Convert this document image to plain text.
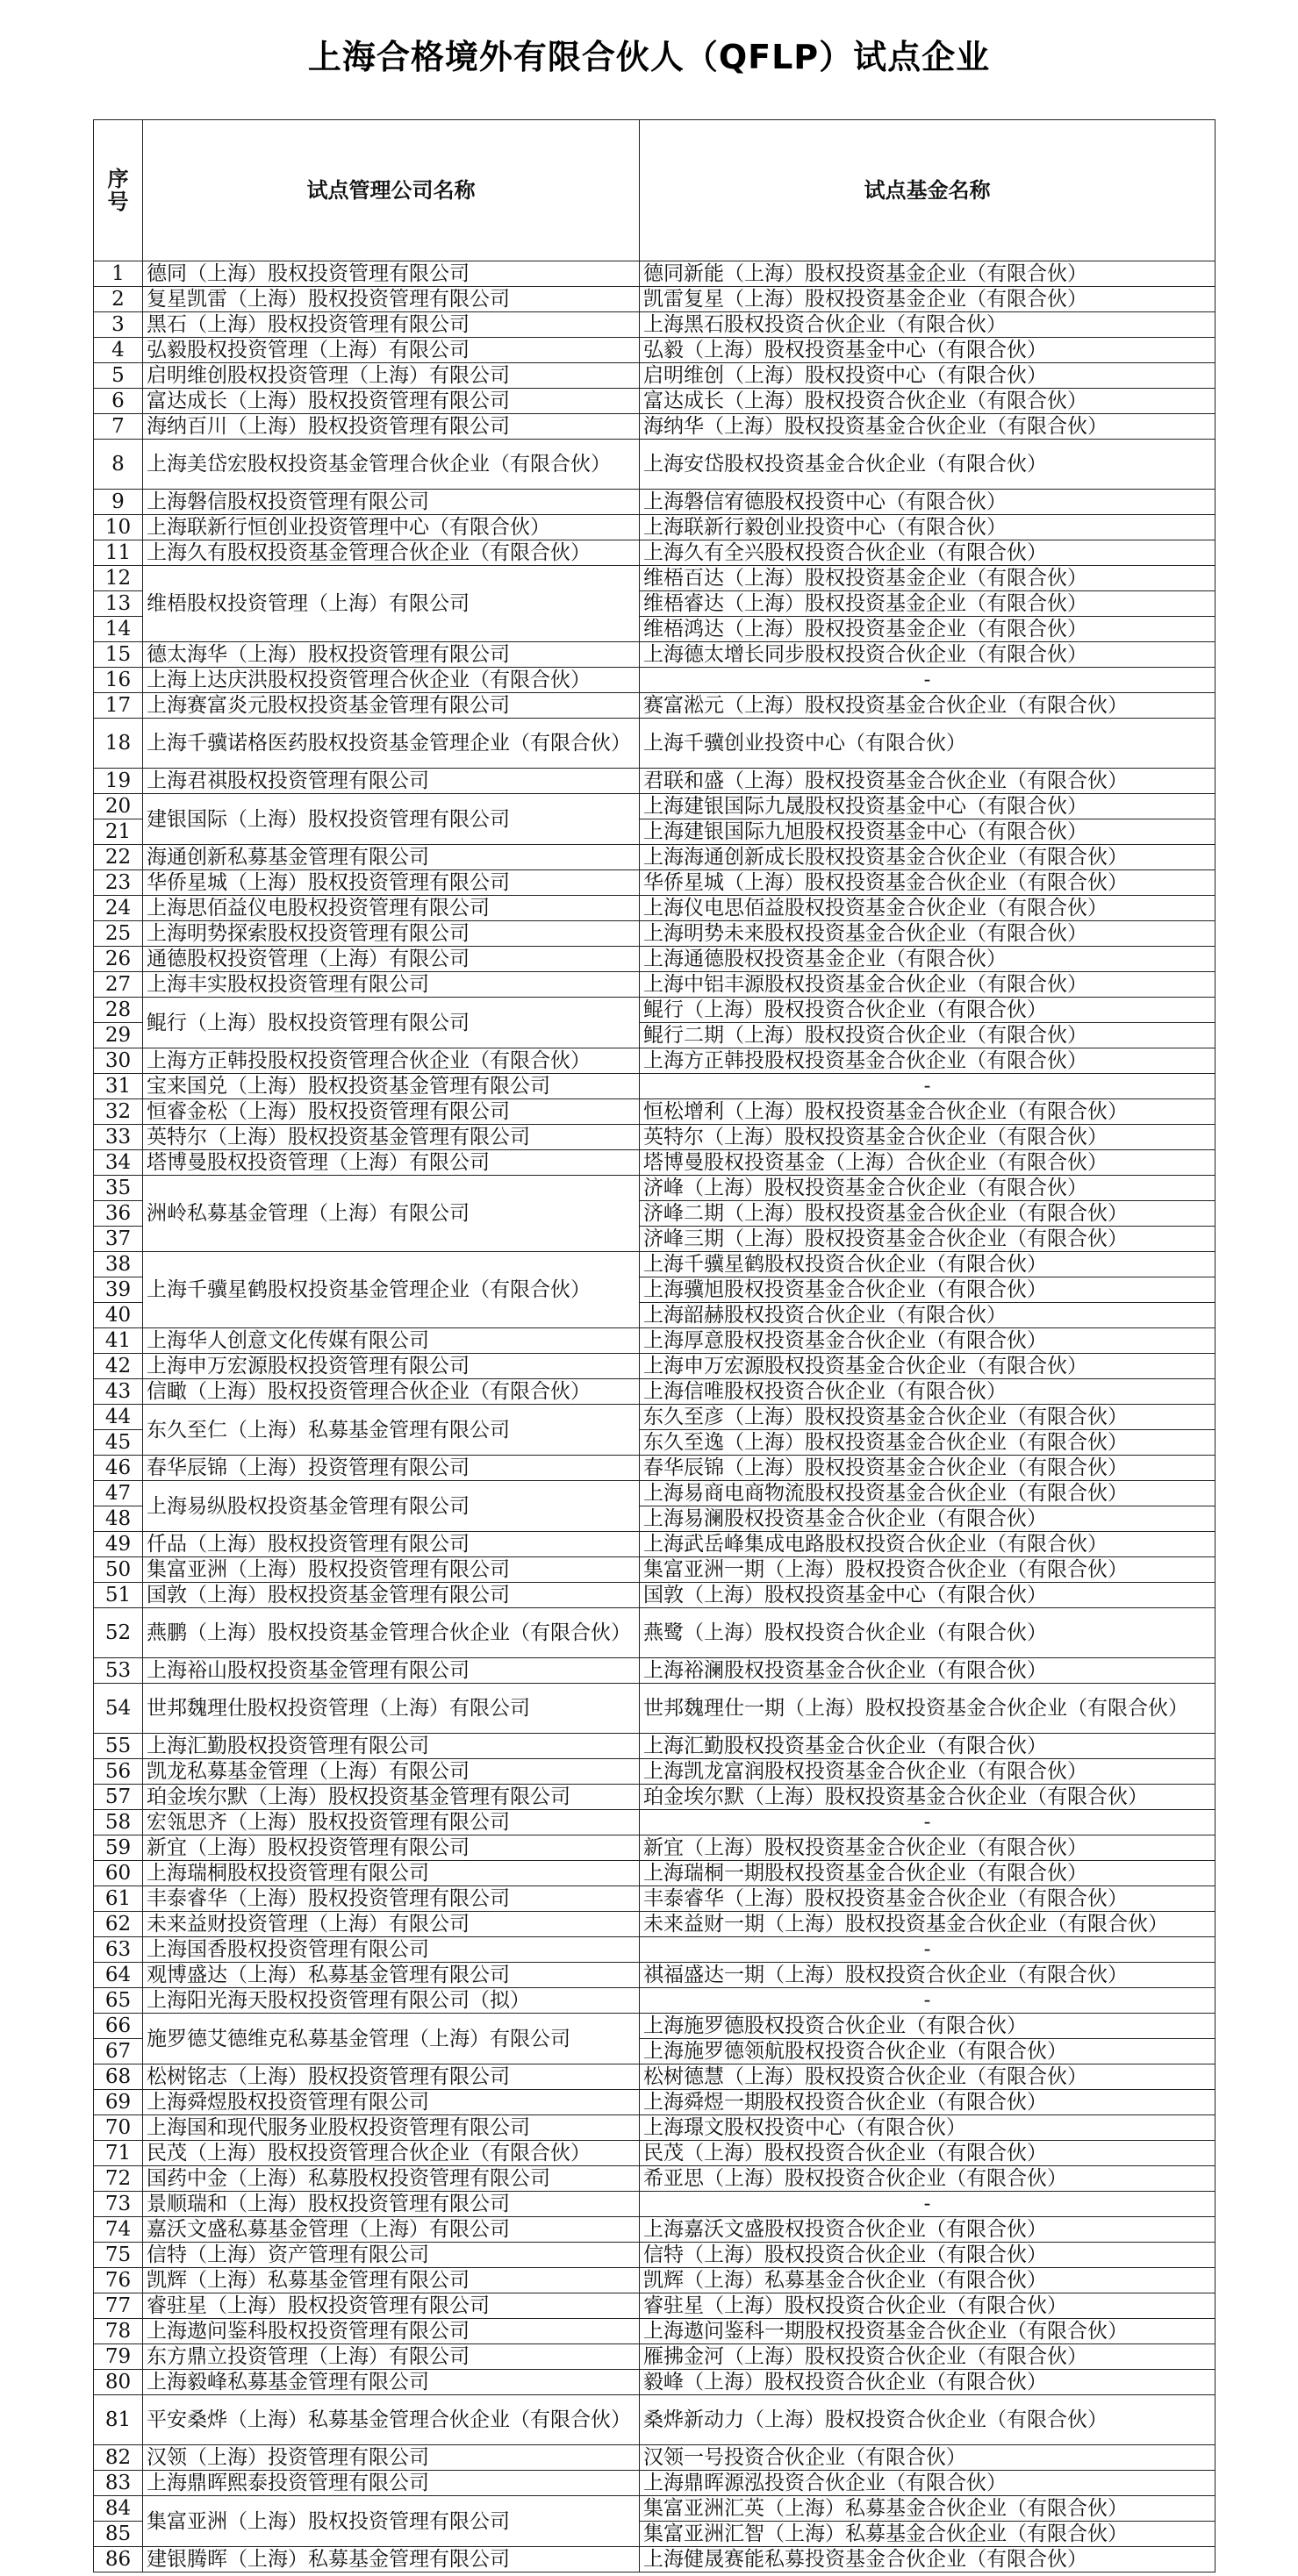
上海合格境外有限合伙人（QFLP）试点企业
序号	试点管理公司名称	试点基金名称
1	德同（上海）股权投资管理有限公司	德同新能（上海）股权投资基金企业（有限合伙）
2	复星凯雷（上海）股权投资管理有限公司	凯雷复星（上海）股权投资基金企业（有限合伙）
3	黑石（上海）股权投资管理有限公司	上海黑石股权投资合伙企业（有限合伙）
4	弘毅股权投资管理（上海）有限公司	弘毅（上海）股权投资基金中心（有限合伙）
5	启明维创股权投资管理（上海）有限公司	启明维创（上海）股权投资中心（有限合伙）
6	富达成长（上海）股权投资管理有限公司	富达成长（上海）股权投资合伙企业（有限合伙）
7	海纳百川（上海）股权投资管理有限公司	海纳华（上海）股权投资基金合伙企业（有限合伙）
8	上海美岱宏股权投资基金管理合伙企业（有限合伙）	上海安岱股权投资基金合伙企业（有限合伙）
9	上海磐信股权投资管理有限公司	上海磐信宥德股权投资中心（有限合伙）
10	上海联新行恒创业投资管理中心（有限合伙）	上海联新行毅创业投资中心（有限合伙）
11	上海久有股权投资基金管理合伙企业（有限合伙）	上海久有全兴股权投资合伙企业（有限合伙）
12	维梧股权投资管理（上海）有限公司	维梧百达（上海）股权投资基金企业（有限合伙）
13		维梧睿达（上海）股权投资基金企业（有限合伙）
14		维梧鸿达（上海）股权投资基金企业（有限合伙）
15	德太海华（上海）股权投资管理有限公司	上海德太增长同步股权投资合伙企业（有限合伙）
16	上海上达庆洪股权投资管理合伙企业（有限合伙）	-
17	上海赛富炎元股权投资基金管理有限公司	赛富淞元（上海）股权投资基金合伙企业（有限合伙）
18	上海千骥诺格医药股权投资基金管理企业（有限合伙）	上海千骥创业投资中心（有限合伙）
19	上海君祺股权投资管理有限公司	君联和盛（上海）股权投资基金合伙企业（有限合伙）
20	建银国际（上海）股权投资管理有限公司	上海建银国际九晟股权投资基金中心（有限合伙）
21		上海建银国际九旭股权投资基金中心（有限合伙）
22	海通创新私募基金管理有限公司	上海海通创新成长股权投资基金合伙企业（有限合伙）
23	华侨星城（上海）股权投资管理有限公司	华侨星城（上海）股权投资基金合伙企业（有限合伙）
24	上海思佰益仪电股权投资管理有限公司	上海仪电思佰益股权投资基金合伙企业（有限合伙）
25	上海明势探索股权投资管理有限公司	上海明势未来股权投资基金合伙企业（有限合伙）
26	通德股权投资管理（上海）有限公司	上海通德股权投资基金企业（有限合伙）
27	上海丰实股权投资管理有限公司	上海中铝丰源股权投资基金合伙企业（有限合伙）
28	鲲行（上海）股权投资管理有限公司	鲲行（上海）股权投资合伙企业（有限合伙）
29		鲲行二期（上海）股权投资合伙企业（有限合伙）
30	上海方正韩投股权投资管理合伙企业（有限合伙）	上海方正韩投股权投资基金合伙企业（有限合伙）
31	宝来国兑（上海）股权投资基金管理有限公司	-
32	恒睿金松（上海）股权投资管理有限公司	恒松增利（上海）股权投资基金合伙企业（有限合伙）
33	英特尔（上海）股权投资基金管理有限公司	英特尔（上海）股权投资基金合伙企业（有限合伙）
34	塔博曼股权投资管理（上海）有限公司	塔博曼股权投资基金（上海）合伙企业（有限合伙）
35	洲岭私募基金管理（上海）有限公司	济峰（上海）股权投资基金合伙企业（有限合伙）
36		济峰二期（上海）股权投资基金合伙企业（有限合伙）
37		济峰三期（上海）股权投资基金合伙企业（有限合伙）
38	上海千骥星鹤股权投资基金管理企业（有限合伙）	上海千骥星鹤股权投资合伙企业（有限合伙）
39		上海骥旭股权投资基金合伙企业（有限合伙）
40		上海韶赫股权投资合伙企业（有限合伙）
41	上海华人创意文化传媒有限公司	上海厚意股权投资基金合伙企业（有限合伙）
42	上海申万宏源股权投资管理有限公司	上海申万宏源股权投资基金合伙企业（有限合伙）
43	信瞰（上海）股权投资管理合伙企业（有限合伙）	上海信唯股权投资合伙企业（有限合伙）
44	东久至仁（上海）私募基金管理有限公司	东久至彦（上海）股权投资基金合伙企业（有限合伙）
45		东久至逸（上海）股权投资基金合伙企业（有限合伙）
46	春华辰锦（上海）投资管理有限公司	春华辰锦（上海）股权投资基金合伙企业（有限合伙）
47	上海易纵股权投资基金管理有限公司	上海易商电商物流股权投资基金合伙企业（有限合伙）
48		上海易澜股权投资基金合伙企业（有限合伙）
49	仟品（上海）股权投资管理有限公司	上海武岳峰集成电路股权投资合伙企业（有限合伙）
50	集富亚洲（上海）股权投资管理有限公司	集富亚洲一期（上海）股权投资合伙企业（有限合伙）
51	国敦（上海）股权投资基金管理有限公司	国敦（上海）股权投资基金中心（有限合伙）
52	燕鹏（上海）股权投资基金管理合伙企业（有限合伙）	燕鹭（上海）股权投资合伙企业（有限合伙）
53	上海裕山股权投资基金管理有限公司	上海裕澜股权投资基金合伙企业（有限合伙）
54	世邦魏理仕股权投资管理（上海）有限公司	世邦魏理仕一期（上海）股权投资基金合伙企业（有限合伙）
55	上海汇勤股权投资管理有限公司	上海汇勤股权投资基金合伙企业（有限合伙）
56	凯龙私募基金管理（上海）有限公司	上海凯龙富润股权投资基金合伙企业（有限合伙）
57	珀金埃尔默（上海）股权投资基金管理有限公司	珀金埃尔默（上海）股权投资基金合伙企业（有限合伙）
58	宏瓴思齐（上海）股权投资管理有限公司	-
59	新宜（上海）股权投资管理有限公司	新宜（上海）股权投资基金合伙企业（有限合伙）
60	上海瑞桐股权投资管理有限公司	上海瑞桐一期股权投资基金合伙企业（有限合伙）
61	丰泰睿华（上海）股权投资管理有限公司	丰泰睿华（上海）股权投资基金合伙企业（有限合伙）
62	未来益财投资管理（上海）有限公司	未来益财一期（上海）股权投资基金合伙企业（有限合伙）
63	上海国香股权投资管理有限公司	-
64	观博盛达（上海）私募基金管理有限公司	祺福盛达一期（上海）股权投资合伙企业（有限合伙）
65	上海阳光海天股权投资管理有限公司（拟）	-
66	施罗德艾德维克私募基金管理（上海）有限公司	上海施罗德股权投资合伙企业（有限合伙）
67		上海施罗德领航股权投资合伙企业（有限合伙）
68	松树铭志（上海）股权投资管理有限公司	松树德慧（上海）股权投资合伙企业（有限合伙）
69	上海舜煜股权投资管理有限公司	上海舜煜一期股权投资合伙企业（有限合伙）
70	上海国和现代服务业股权投资管理有限公司	上海璟文股权投资中心（有限合伙）
71	民茂（上海）股权投资管理合伙企业（有限合伙）	民茂（上海）股权投资合伙企业（有限合伙）
72	国药中金（上海）私募股权投资管理有限公司	希亚思（上海）股权投资合伙企业（有限合伙）
73	景顺瑞和（上海）股权投资管理有限公司	-
74	嘉沃文盛私募基金管理（上海）有限公司	上海嘉沃文盛股权投资合伙企业（有限合伙）
75	信特（上海）资产管理有限公司	信特（上海）股权投资合伙企业（有限合伙）
76	凯辉（上海）私募基金管理有限公司	凯辉（上海）私募基金合伙企业（有限合伙）
77	睿驻星（上海）股权投资管理有限公司	睿驻星（上海）股权投资合伙企业（有限合伙）
78	上海遨问鉴科股权投资管理有限公司	上海遨问鉴科一期股权投资基金合伙企业（有限合伙）
79	东方鼎立投资管理（上海）有限公司	雁拂金河（上海）股权投资合伙企业（有限合伙）
80	上海毅峰私募基金管理有限公司	毅峰（上海）股权投资合伙企业（有限合伙）
81	平安桑烨（上海）私募基金管理合伙企业（有限合伙）	桑烨新动力（上海）股权投资合伙企业（有限合伙）
82	汉领（上海）投资管理有限公司	汉领一号投资合伙企业（有限合伙）
83	上海鼎晖熙泰投资管理有限公司	上海鼎晖源泓投资合伙企业（有限合伙）
84	集富亚洲（上海）股权投资管理有限公司	集富亚洲汇英（上海）私募基金合伙企业（有限合伙）
85		集富亚洲汇智（上海）私募基金合伙企业（有限合伙）
86	建银腾晖（上海）私募基金管理有限公司	上海健晟赛能私募投资基金合伙企业（有限合伙）
